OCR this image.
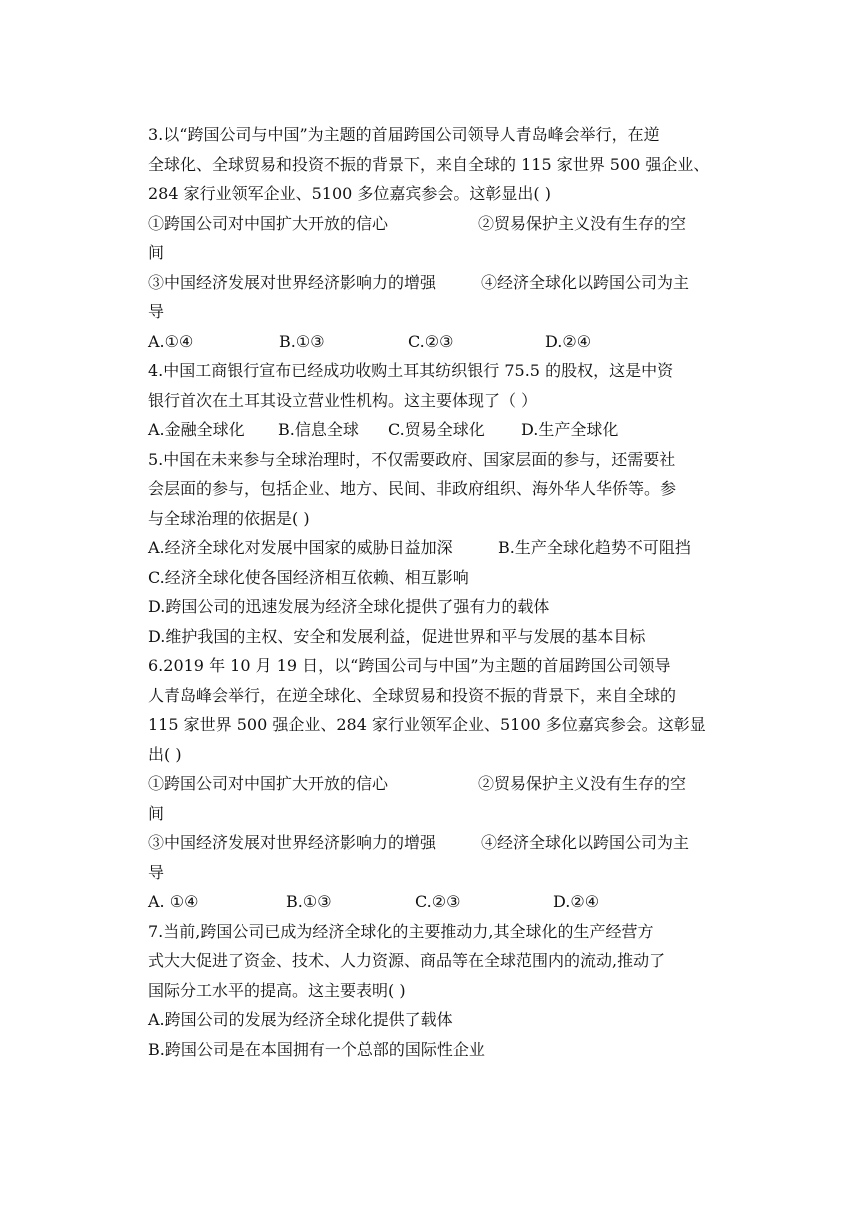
3.以“跨国公司与中国”为主题的首届跨国公司领导人青岛峰会举行，在逆
全球化、全球贸易和投资不振的背景下，来自全球的 115 家世界 500 强企业、
284 家行业领军企业、5100 多位嘉宾参会。这彰显出( )
①跨国公司对中国扩大开放的信心	②贸易保护主义没有生存的空
间
③中国经济发展对世界经济影响力的增强	④经济全球化以跨国公司为主
导
A.①④	B.①③	C.②③	D.②④
4.中国工商银行宣布已经成功收购土耳其纺织银行 75.5 的股权，这是中资
银行首次在土耳其设立营业性机构。这主要体现了（ ）
A.金融全球化	B.信息全球	C.贸易全球化	D.生产全球化
5.中国在未来参与全球治理时，不仅需要政府、国家层面的参与，还需要社
会层面的参与，包括企业、地方、民间、非政府组织、海外华人华侨等。参
与全球治理的依据是( )
A.经济全球化对发展中国家的威胁日益加深	B.生产全球化趋势不可阻挡
C.经济全球化使各国经济相互依赖、相互影响
D.跨国公司的迅速发展为经济全球化提供了强有力的载体
D.维护我国的主权、安全和发展利益，促进世界和平与发展的基本目标
6.2019 年 10 月 19 日，以“跨国公司与中国”为主题的首届跨国公司领导
人青岛峰会举行，在逆全球化、全球贸易和投资不振的背景下，来自全球的
115 家世界 500 强企业、284 家行业领军企业、5100 多位嘉宾参会。这彰显
出( )
①跨国公司对中国扩大开放的信心	②贸易保护主义没有生存的空
间
③中国经济发展对世界经济影响力的增强	④经济全球化以跨国公司为主
导
A. ①④	B.①③	C.②③	D.②④
7.当前,跨国公司已成为经济全球化的主要推动力,其全球化的生产经营方
式大大促进了资金、技术、人力资源、商品等在全球范围内的流动,推动了
国际分工水平的提高。这主要表明( )
A.跨国公司的发展为经济全球化提供了载体
B.跨国公司是在本国拥有一个总部的国际性企业
